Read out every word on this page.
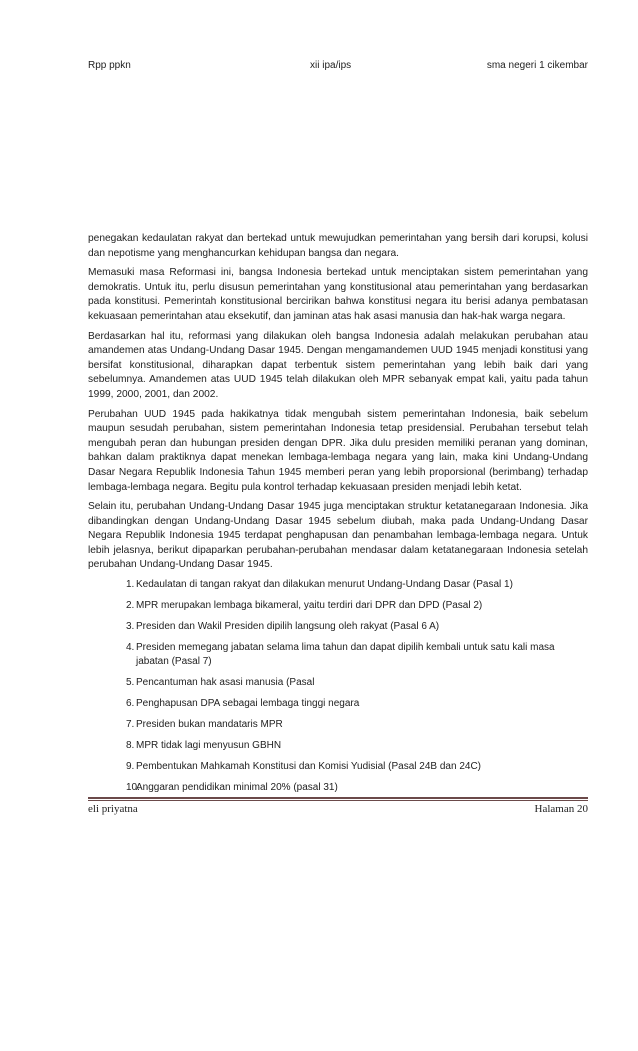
Rpp ppkn	xii ipa/ips	sma negeri 1 cikembar

penegakan kedaulatan rakyat dan bertekad untuk mewujudkan pemerintahan yang bersih dari korupsi, kolusi dan nepotisme yang menghancurkan kehidupan bangsa dan negara.

Memasuki masa Reformasi ini, bangsa Indonesia bertekad untuk menciptakan sistem pemerintahan yang demokratis. Untuk itu, perlu disusun pemerintahan yang konstitusional atau pemerintahan yang berdasarkan pada konstitusi. Pemerintah konstitusional bercirikan bahwa konstitusi negara itu berisi adanya pembatasan kekuasaan pemerintahan atau eksekutif, dan jaminan atas hak asasi manusia dan hak-hak warga negara.

Berdasarkan hal itu, reformasi yang dilakukan oleh bangsa Indonesia adalah melakukan perubahan atau amandemen atas Undang-Undang Dasar 1945. Dengan mengamandemen UUD 1945 menjadi konstitusi yang bersifat konstitusional, diharapkan dapat terbentuk sistem pemerintahan yang lebih baik dari yang sebelumnya. Amandemen atas UUD 1945 telah dilakukan oleh MPR sebanyak empat kali, yaitu pada tahun 1999, 2000, 2001, dan 2002.

Perubahan UUD 1945 pada hakikatnya tidak mengubah sistem pemerintahan Indonesia, baik sebelum maupun sesudah perubahan, sistem pemerintahan Indonesia tetap presidensial. Perubahan tersebut telah mengubah peran dan hubungan presiden dengan DPR. Jika dulu presiden memiliki peranan yang dominan, bahkan dalam praktiknya dapat menekan lembaga-lembaga negara yang lain, maka kini Undang-Undang Dasar Negara Republik Indonesia Tahun 1945 memberi peran yang lebih proporsional (berimbang) terhadap lembaga-lembaga negara. Begitu pula kontrol terhadap kekuasaan presiden menjadi lebih ketat.

Selain itu, perubahan Undang-Undang Dasar 1945 juga menciptakan struktur ketatanegaraan Indonesia. Jika dibandingkan dengan Undang-Undang Dasar 1945 sebelum diubah, maka pada Undang-Undang Dasar Negara Republik Indonesia 1945 terdapat penghapusan dan penambahan lembaga-lembaga negara. Untuk lebih jelasnya, berikut dipaparkan perubahan-perubahan mendasar dalam ketatanegaraan Indonesia setelah perubahan Undang-Undang Dasar 1945.

1. Kedaulatan di tangan rakyat dan dilakukan menurut Undang-Undang Dasar (Pasal 1)
2. MPR merupakan lembaga bikameral, yaitu terdiri dari DPR dan DPD (Pasal 2)
3. Presiden dan Wakil Presiden dipilih langsung oleh rakyat (Pasal 6 A)
4. Presiden memegang jabatan selama lima tahun dan dapat dipilih kembali untuk satu kali masa jabatan (Pasal 7)
5. Pencantuman hak asasi manusia (Pasal
6. Penghapusan DPA sebagai lembaga tinggi negara
7. Presiden bukan mandataris MPR
8. MPR tidak lagi menyusun GBHN
9. Pembentukan Mahkamah Konstitusi dan Komisi Yudisial (Pasal 24B dan 24C)
10.
Anggaran pendidikan minimal 20% (pasal 31)
eli priyatna	Halaman 20
